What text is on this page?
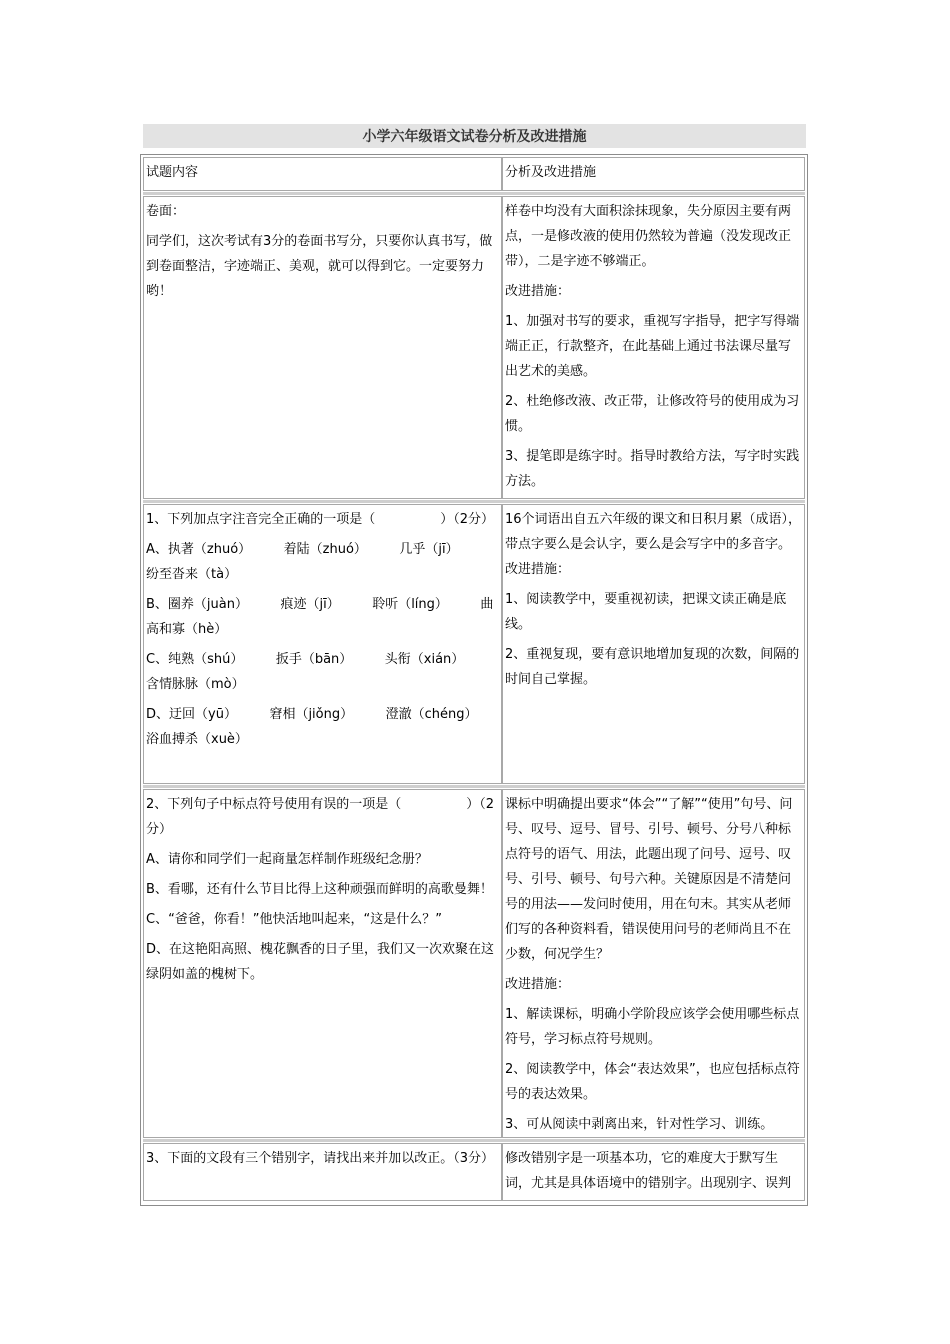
小学六年级语文试卷分析及改进措施
试题内容	分析及改进措施

卷面：

同学们，这次考试有3分的卷面书写分，只要你认真书写，做到卷面整洁，字迹端正、美观，就可以得到它。一定要努力哟！

样卷中均没有大面积涂抹现象，失分原因主要有两点，一是修改液的使用仍然较为普遍（没发现改正带），二是字迹不够端正。

改进措施：

1、加强对书写的要求，重视写字指导，把字写得端端正正，行款整齐，在此基础上通过书法课尽量写出艺术的美感。

2、杜绝修改液、改正带，让修改符号的使用成为习惯。

3、提笔即是练字时。指导时教给方法，写字时实践方法。

1、下列加点字注音完全正确的一项是（　　　　　）（2分）

A、执著（zhuó）　　　着陆（zhuó）　　　几乎（jī）　　　纷至沓来（tà）

B、圈养（juàn）　　　痕迹（jī）　　　聆听（líng）　　　曲高和寡（hè）

C、纯熟（shú）　　　扳手（bān）　　　头衔（xián）　　　含情脉脉（mò）

D、迂回（yū）　　　窘相（jiǒng）　　　澄澈（chéng）　　　浴血搏杀（xuè）

16个词语出自五六年级的课文和日积月累（成语），带点字要么是会认字，要么是会写字中的多音字。改进措施：

1、阅读教学中，要重视初读，把课文读正确是底线。

2、重视复现，要有意识地增加复现的次数，间隔的时间自己掌握。

2、下列句子中标点符号使用有误的一项是（　　　　　）（2分）

A、请你和同学们一起商量怎样制作班级纪念册？

B、看哪，还有什么节目比得上这种顽强而鲜明的高歌曼舞！

C、“爸爸，你看！”他快活地叫起来，“这是什么？”

D、在这艳阳高照、槐花飘香的日子里，我们又一次欢聚在这绿阴如盖的槐树下。

课标中明确提出要求“体会”“了解”“使用”句号、问号、叹号、逗号、冒号、引号、顿号、分号八种标点符号的语气、用法，此题出现了问号、逗号、叹号、引号、顿号、句号六种。关键原因是不清楚问号的用法——发问时使用，用在句末。其实从老师们写的各种资料看，错误使用问号的老师尚且不在少数，何况学生？

改进措施：

1、解读课标，明确小学阶段应该学会使用哪些标点符号，学习标点符号规则。

2、阅读教学中，体会“表达效果”，也应包括标点符号的表达效果。

3、可从阅读中剥离出来，针对性学习、训练。

3、下面的文段有三个错别字，请找出来并加以改正。（3分） 修改错别字是一项基本功，它的难度大于默写生词，尤其是具体语境中的错别字。出现别字、误判
